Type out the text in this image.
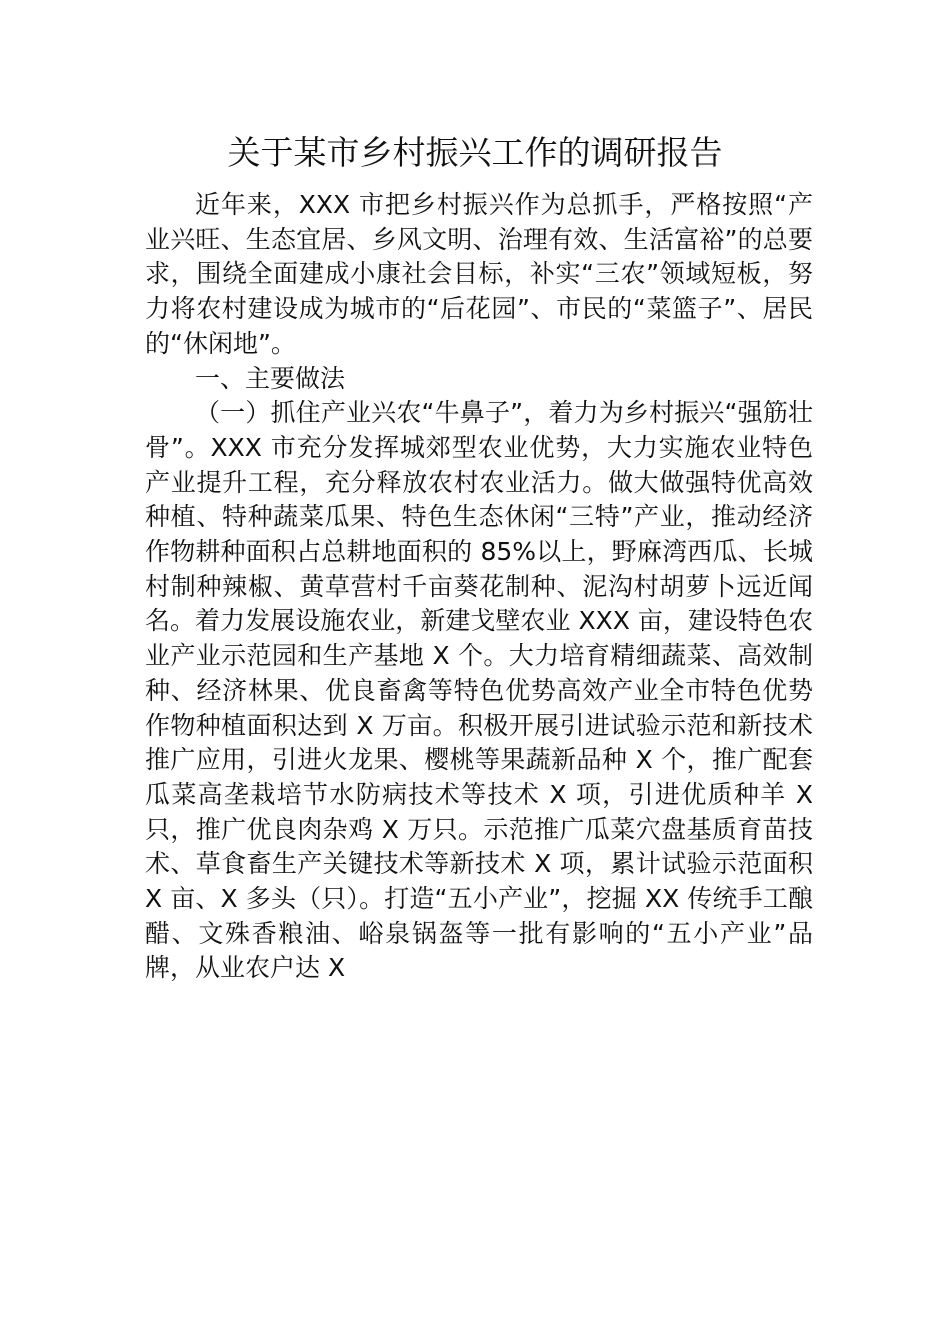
关于某市乡村振兴工作的调研报告

近年来，XXX 市把乡村振兴作为总抓手，严格按照“产业兴旺、生态宜居、乡风文明、治理有效、生活富裕”的总要求，围绕全面建成小康社会目标，补实“三农”领域短板，努力将农村建设成为城市的“后花园”、市民的“菜篮子”、居民的“休闲地”。

一、主要做法

（一）抓住产业兴农“牛鼻子”，着力为乡村振兴“强筋壮骨”。XXX 市充分发挥城郊型农业优势，大力实施农业特色产业提升工程，充分释放农村农业活力。做大做强特优高效种植、特种蔬菜瓜果、特色生态休闲“三特”产业，推动经济作物耕种面积占总耕地面积的 85%以上，野麻湾西瓜、长城村制种辣椒、黄草营村千亩葵花制种、泥沟村胡萝卜远近闻名。着力发展设施农业，新建戈壁农业 XXX 亩，建设特色农业产业示范园和生产基地 X 个。大力培育精细蔬菜、高效制种、经济林果、优良畜禽等特色优势高效产业全市特色优势作物种植面积达到 X 万亩。积极开展引进试验示范和新技术推广应用，引进火龙果、樱桃等果蔬新品种 X 个，推广配套瓜菜高垄栽培节水防病技术等技术 X 项，引进优质种羊 X 只，推广优良肉杂鸡 X 万只。示范推广瓜菜穴盘基质育苗技术、草食畜生产关键技术等新技术 X 项，累计试验示范面积 X 亩、X 多头（只）。打造“五小产业”，挖掘 XX 传统手工酿醋、文殊香粮油、峪泉锅盔等一批有影响的“五小产业”品牌，从业农户达 X
